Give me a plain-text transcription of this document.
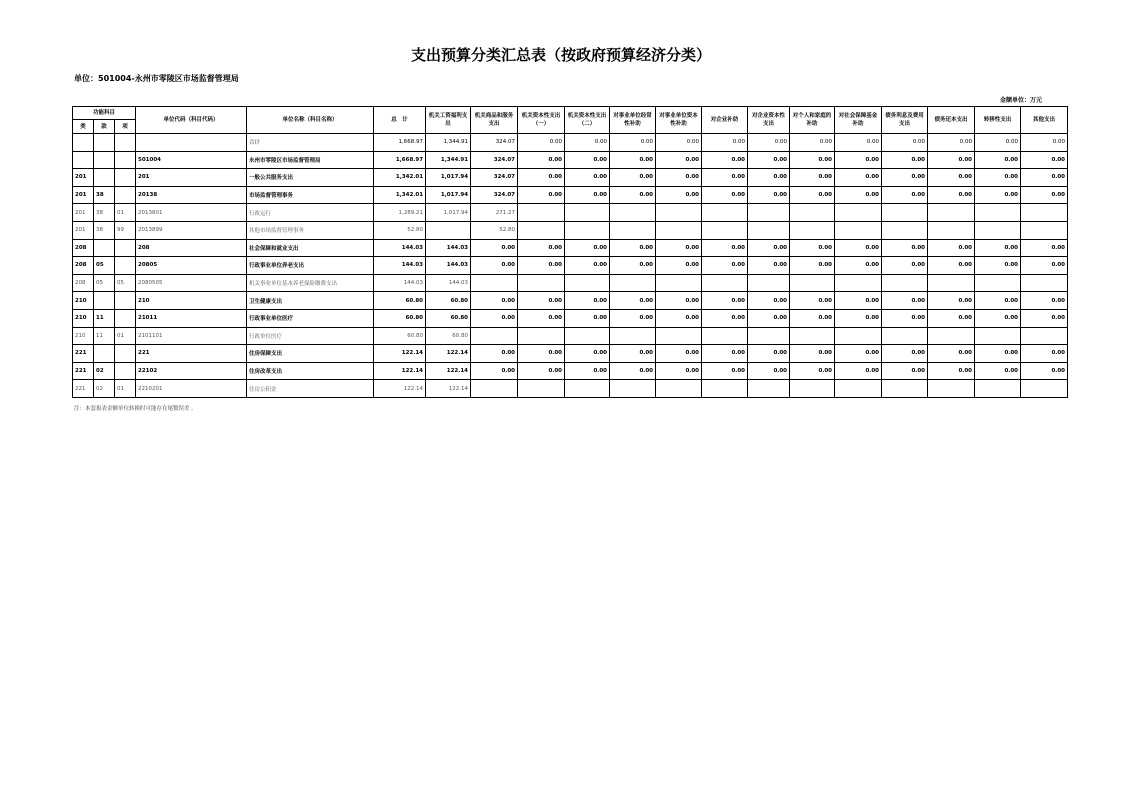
支出预算分类汇总表（按政府预算经济分类）
单位：501004-永州市零陵区市场监督管理局
金额单位：万元
功能科目			单位代码（科目代码）	单位名称（科目名称）	总　计	机关工资福利支出	机关商品和服务支出	机关资本性支出（一）	机关资本性支出（二）	对事业单位经常性补助	对事业单位资本性补助	对企业补助	对企业资本性支出	对个人和家庭的补助	对社会保障基金补助	债务利息及费用支出	债务还本支出	转移性支出	其他支出
类	款	项																	
				合计	1,668.97	1,344.91	324.07	0.00	0.00	0.00	0.00	0.00	0.00	0.00	0.00	0.00	0.00	0.00	0.00
			501004	永州市零陵区市场监督管理局	1,668.97	1,344.91	324.07	0.00	0.00	0.00	0.00	0.00	0.00	0.00	0.00	0.00	0.00	0.00	0.00
201			201	一般公共服务支出	1,342.01	1,017.94	324.07	0.00	0.00	0.00	0.00	0.00	0.00	0.00	0.00	0.00	0.00	0.00	0.00
201	38		20138	市场监督管理事务	1,342.01	1,017.94	324.07	0.00	0.00	0.00	0.00	0.00	0.00	0.00	0.00	0.00	0.00	0.00	0.00
201	38	01	2013801	行政运行	1,289.21	1,017.94	271.27												
201	38	99	2013899	其他市场监督管理事务	52.80		52.80												
208			208	社会保障和就业支出	144.03	144.03	0.00	0.00	0.00	0.00	0.00	0.00	0.00	0.00	0.00	0.00	0.00	0.00	0.00
208	05		20805	行政事业单位养老支出	144.03	144.03	0.00	0.00	0.00	0.00	0.00	0.00	0.00	0.00	0.00	0.00	0.00	0.00	0.00
208	05	05	2080505	机关事业单位基本养老保险缴费支出	144.03	144.03													
210			210	卫生健康支出	60.80	60.80	0.00	0.00	0.00	0.00	0.00	0.00	0.00	0.00	0.00	0.00	0.00	0.00	0.00
210	11		21011	行政事业单位医疗	60.80	60.80	0.00	0.00	0.00	0.00	0.00	0.00	0.00	0.00	0.00	0.00	0.00	0.00	0.00
210	11	01	2101101	行政单位医疗	60.80	60.80													
221			221	住房保障支出	122.14	122.14	0.00	0.00	0.00	0.00	0.00	0.00	0.00	0.00	0.00	0.00	0.00	0.00	0.00
221	02		22102	住房改革支出	122.14	122.14	0.00	0.00	0.00	0.00	0.00	0.00	0.00	0.00	0.00	0.00	0.00	0.00	0.00
221	02	01	2210201	住房公积金	122.14	122.14													
注：本套报表金额单位转换时可能存在尾数误差 。
